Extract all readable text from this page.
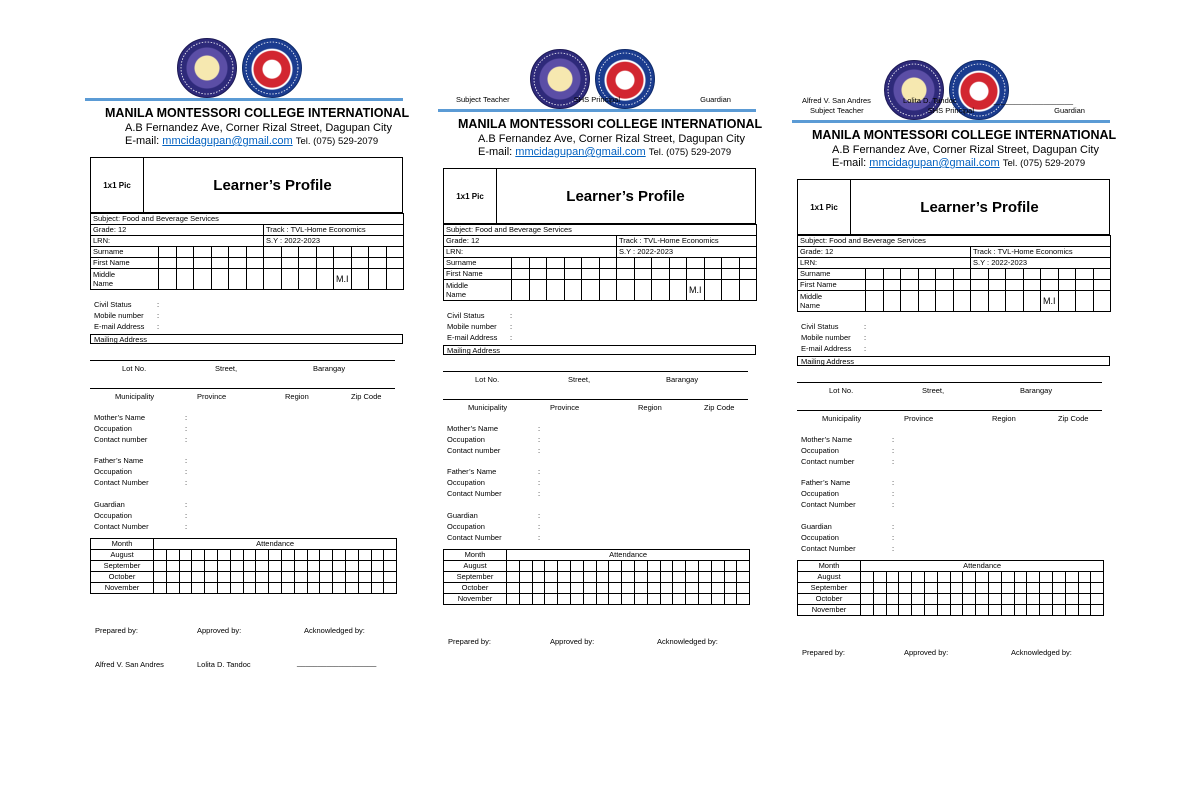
MANILA MONTESSORI COLLEGE INTERNATIONAL
A.B Fernandez Ave, Corner Rizal Street, Dagupan City
E-mail: mmcidagupan@gmail.com Tel. (075) 529-2079
1x1 Pic	Learner’s Profile
Subject: Food and Beverage Services														
Grade: 12							Track : TVL-Home Economics							
LRN:							S.Y : 2022-2023							
Surname														
First Name														
Middle
Name											M.I			
Civil Status	:
Mobile number :
E-mail Address :
Mailing Address
Lot No.	Street,	Barangay
Municipality	Province	Region	Zip Code
Mother’s Name	:
Occupation	:
Contact number	:
Father’s Name	:
Occupation	:
Contact Number	:
Guardian	:
Occupation	:
Contact Number	:
Month	Attendance																		
August																			
September																			
October																			
November																			
Prepared by:	Approved by:	Acknowledged by:
Alfred V. San Andres	Lolita D. Tandoc	___________________
Subject Teacher	SHS Principal	Guardian
MANILA MONTESSORI COLLEGE INTERNATIONAL
A.B Fernandez Ave, Corner Rizal Street, Dagupan City
E-mail: mmcidagupan@gmail.com Tel. (075) 529-2079
1x1 Pic	Learner’s Profile
Subject: Food and Beverage Services														
Grade: 12							Track : TVL-Home Economics							
LRN:							S.Y : 2022-2023							
Surname														
First Name														
Middle
Name											M.I			
Civil Status	:
Mobile number :
E-mail Address :
Mailing Address
Lot No.	Street,	Barangay
Municipality	Province	Region	Zip Code
Mother’s Name	:
Occupation	:
Contact number	:
Father’s Name	:
Occupation	:
Contact Number	:
Guardian	:
Occupation	:
Contact Number	:
Month	Attendance																		
August																			
September																			
October																			
November																			
Prepared by:	Approved by:	Acknowledged by:
Alfred V. San Andres	Lolita D. Tandoc	___________________
Subject Teacher	SHS Principal	Guardian
MANILA MONTESSORI COLLEGE INTERNATIONAL
A.B Fernandez Ave, Corner Rizal Street, Dagupan City
E-mail: mmcidagupan@gmail.com Tel. (075) 529-2079
1x1 Pic	Learner’s Profile
Subject: Food and Beverage Services														
Grade: 12							Track : TVL-Home Economics							
LRN:							S.Y : 2022-2023							
Surname														
First Name														
Middle
Name											M.I			
Civil Status	:
Mobile number :
E-mail Address :
Mailing Address
Lot No.	Street,	Barangay
Municipality	Province	Region	Zip Code
Mother’s Name	:
Occupation	:
Contact number	:
Father’s Name	:
Occupation	:
Contact Number	:
Guardian	:
Occupation	:
Contact Number	:
Month	Attendance																		
August																			
September																			
October																			
November																			
Prepared by:	Approved by:	Acknowledged by:
